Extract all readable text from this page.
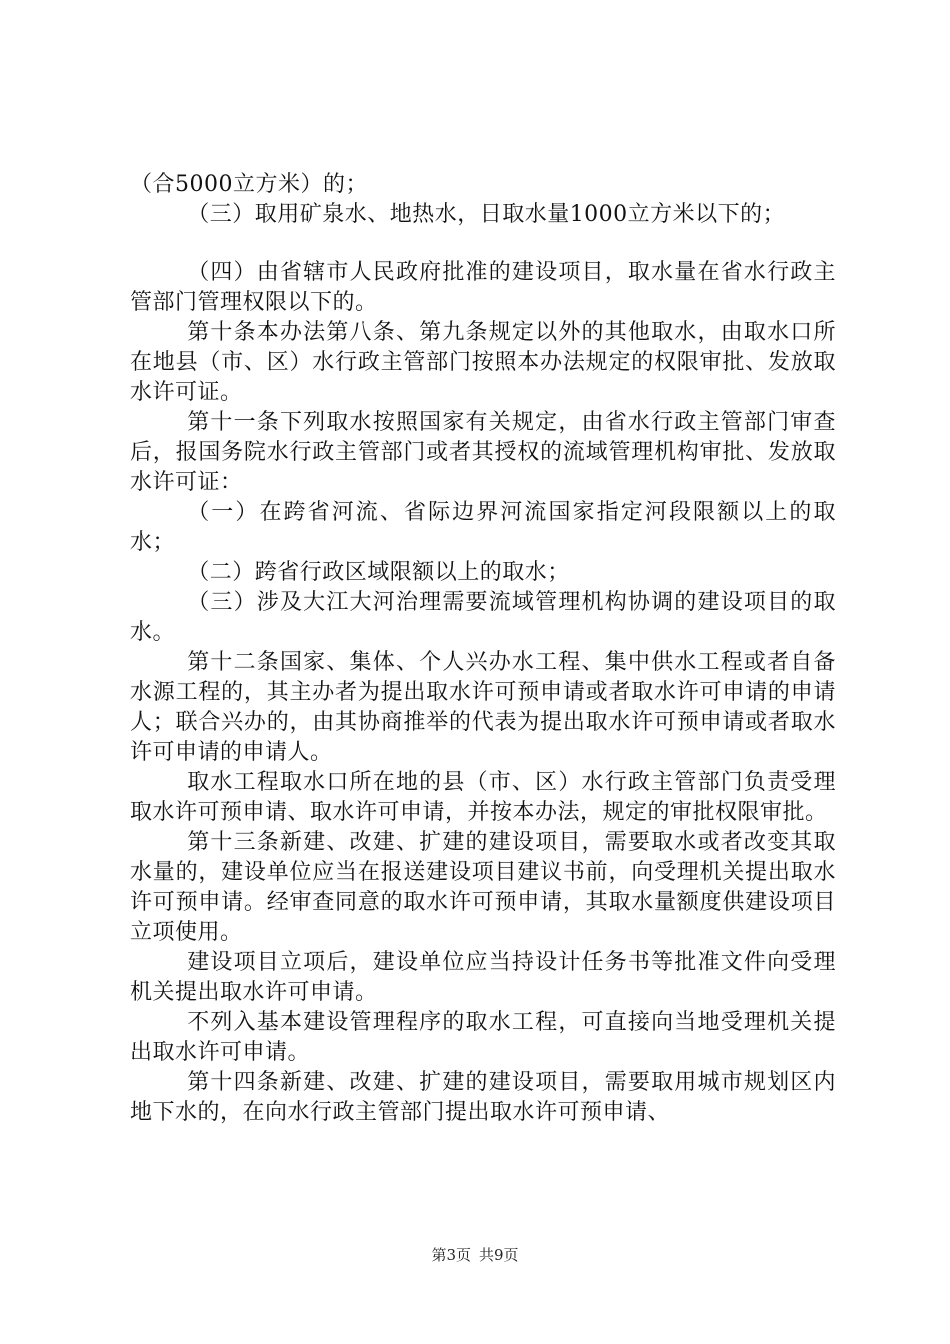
（合5000立方米）的；

（三）取用矿泉水、地热水，日取水量1000立方米以下的；

（四）由省辖市人民政府批准的建设项目，取水量在省水行政主管部门管理权限以下的。

第十条本办法第八条、第九条规定以外的其他取水，由取水口所在地县（市、区）水行政主管部门按照本办法规定的权限审批、发放取水许可证。

第十一条下列取水按照国家有关规定，由省水行政主管部门审查后，报国务院水行政主管部门或者其授权的流域管理机构审批、发放取水许可证：

（一）在跨省河流、省际边界河流国家指定河段限额以上的取水；

（二）跨省行政区域限额以上的取水；

（三）涉及大江大河治理需要流域管理机构协调的建设项目的取水。

第十二条国家、集体、个人兴办水工程、集中供水工程或者自备水源工程的，其主办者为提出取水许可预申请或者取水许可申请的申请人；联合兴办的，由其协商推举的代表为提出取水许可预申请或者取水许可申请的申请人。

取水工程取水口所在地的县（市、区）水行政主管部门负责受理取水许可预申请、取水许可申请，并按本办法，规定的审批权限审批。

第十三条新建、改建、扩建的建设项目，需要取水或者改变其取水量的，建设单位应当在报送建设项目建议书前，向受理机关提出取水许可预申请。经审查同意的取水许可预申请，其取水量额度供建设项目立项使用。

建设项目立项后，建设单位应当持设计任务书等批准文件向受理机关提出取水许可申请。

不列入基本建设管理程序的取水工程，可直接向当地受理机关提出取水许可申请。

第十四条新建、改建、扩建的建设项目，需要取用城市规划区内地下水的，在向水行政主管部门提出取水许可预申请、

第3页 共9页
